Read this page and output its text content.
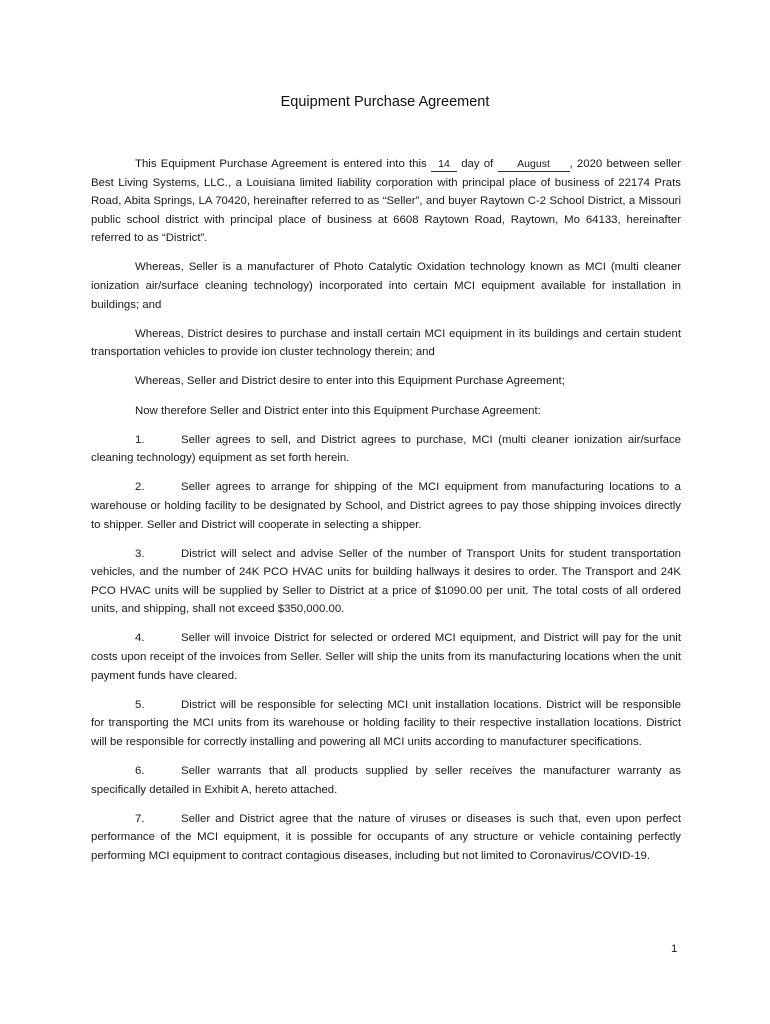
Equipment Purchase Agreement

This Equipment Purchase Agreement is entered into this 14 day of August , 2020 between seller Best Living Systems, LLC., a Louisiana limited liability corporation with principal place of business of 22174 Prats Road, Abita Springs, LA 70420, hereinafter referred to as “Seller”, and buyer Raytown C-2 School District, a Missouri public school district with principal place of business at 6608 Raytown Road, Raytown, Mo 64133, hereinafter referred to as “District”.

Whereas, Seller is a manufacturer of Photo Catalytic Oxidation technology known as MCI (multi cleaner ionization air/surface cleaning technology) incorporated into certain MCI equipment available for installation in buildings; and

Whereas, District desires to purchase and install certain MCI equipment in its buildings and certain student transportation vehicles to provide ion cluster technology therein; and

Whereas, Seller and District desire to enter into this Equipment Purchase Agreement;

Now therefore Seller and District enter into this Equipment Purchase Agreement:

1.	Seller agrees to sell, and District agrees to purchase, MCI (multi cleaner ionization air/surface cleaning technology) equipment as set forth herein.

2.	Seller agrees to arrange for shipping of the MCI equipment from manufacturing locations to a warehouse or holding facility to be designated by School, and District agrees to pay those shipping invoices directly to shipper. Seller and District will cooperate in selecting a shipper.

3.	District will select and advise Seller of the number of Transport Units for student transportation vehicles, and the number of 24K PCO HVAC units for building hallways it desires to order. The Transport and 24K PCO HVAC units will be supplied by Seller to District at a price of $1090.00 per unit. The total costs of all ordered units, and shipping, shall not exceed $350,000.00.

4.	Seller will invoice District for selected or ordered MCI equipment, and District will pay for the unit costs upon receipt of the invoices from Seller. Seller will ship the units from its manufacturing locations when the unit payment funds have cleared.

5.	District will be responsible for selecting MCI unit installation locations. District will be responsible for transporting the MCI units from its warehouse or holding facility to their respective installation locations. District will be responsible for correctly installing and powering all MCI units according to manufacturer specifications.

6.	Seller warrants that all products supplied by seller receives the manufacturer warranty as specifically detailed in Exhibit A, hereto attached.

7.	Seller and District agree that the nature of viruses or diseases is such that, even upon perfect performance of the MCI equipment, it is possible for occupants of any structure or vehicle containing perfectly performing MCI equipment to contract contagious diseases, including but not limited to Coronavirus/COVID-19.

1
